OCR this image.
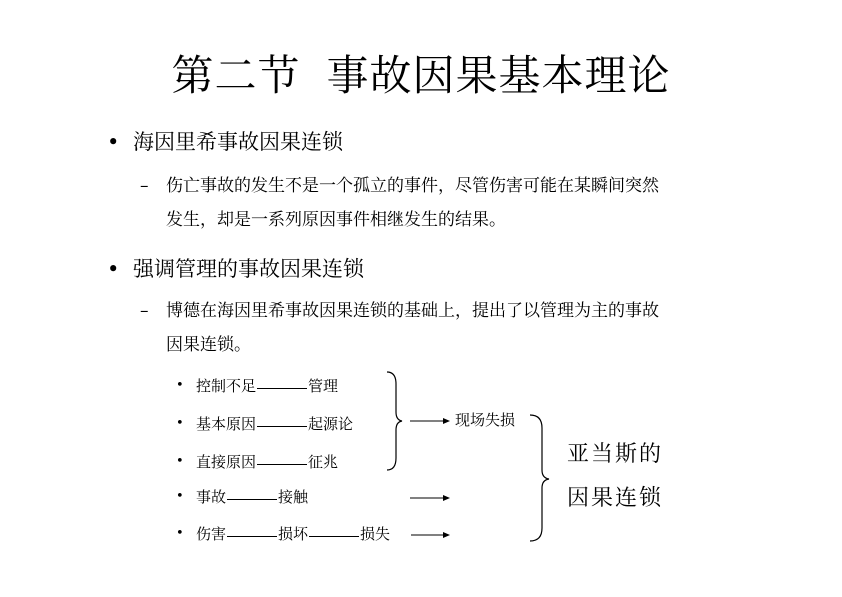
第二节 事故因果基本理论
• 海因里希事故因果连锁
– 伤亡事故的发生不是一个孤立的事件，尽管伤害可能在某瞬间突然
发生，却是一系列原因事件相继发生的结果。
• 强调管理的事故因果连锁
– 博德在海因里希事故因果连锁的基础上，提出了以管理为主的事故
因果连锁。
• 控制不足	管理
• 基本原因	起源论
• 直接原因	征兆
• 事故	接触
• 伤害	损坏	损失
现场失损
亚当斯的
因果连锁
